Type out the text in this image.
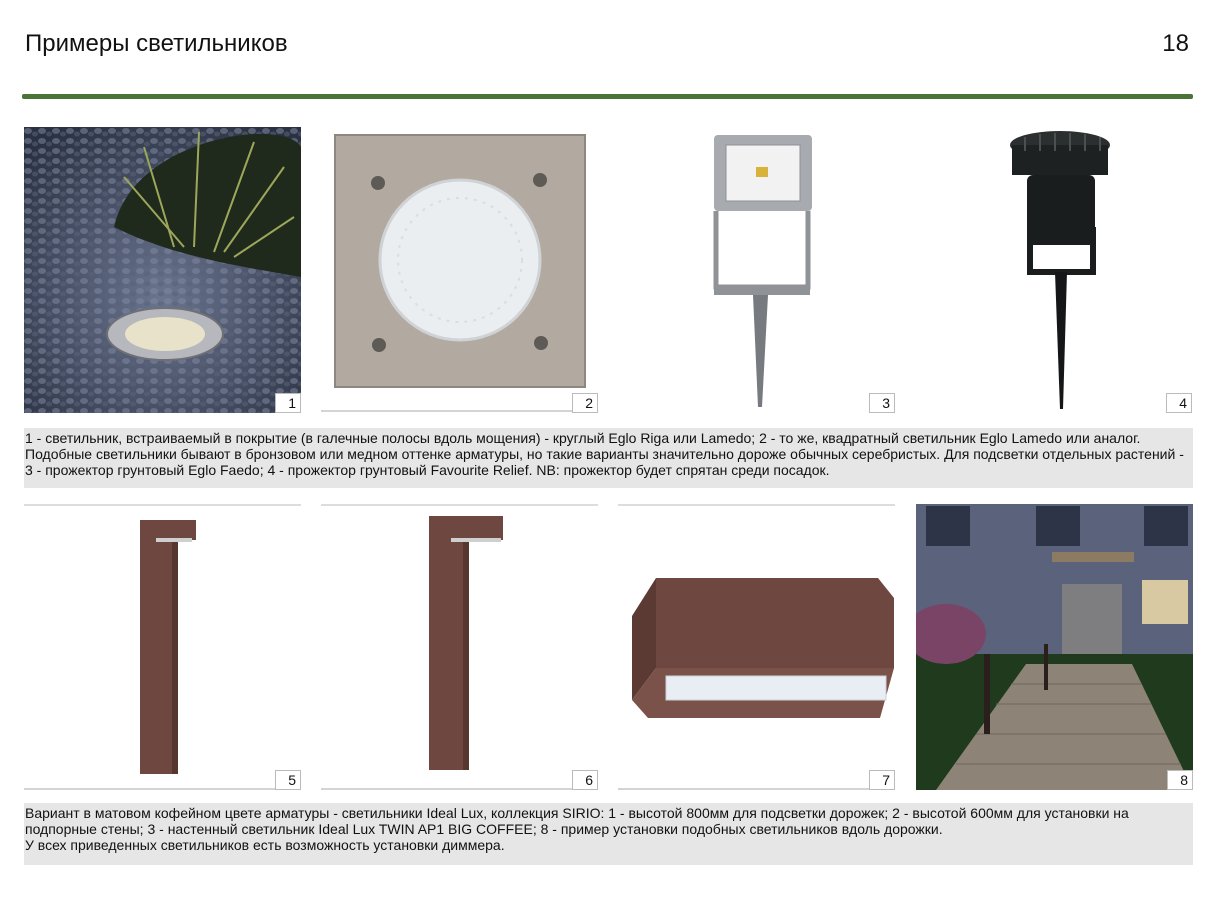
Примеры светильников	18
1	2	3	4

1 - светильник, встраиваемый в покрытие (в галечные полосы вдоль мощения) - круглый Eglo Riga или Lamedo; 2 - то же, квадратный светильник Eglo Lamedo или аналог. Подобные светильники бывают в бронзовом или медном оттенке арматуры, но такие варианты значительно дороже обычных серебристых. Для подсветки отдельных растений - 3 - прожектор грунтовый Eglo Faedo; 4 - прожектор грунтовый Favourite Relief. NB: прожектор будет спрятан среди посадок.

5	6	7	8

Вариант в матовом кофейном цвете арматуры - светильники Ideal Lux, коллекция SIRIO: 1 - высотой 800мм для подсветки дорожек; 2 - высотой 600мм для установки на подпорные стены; 3 - настенный светильник Ideal Lux TWIN AP1 BIG COFFEE; 8 - пример установки подобных светильников вдоль дорожки.

У всех приведенных светильников есть возможность установки диммера.
